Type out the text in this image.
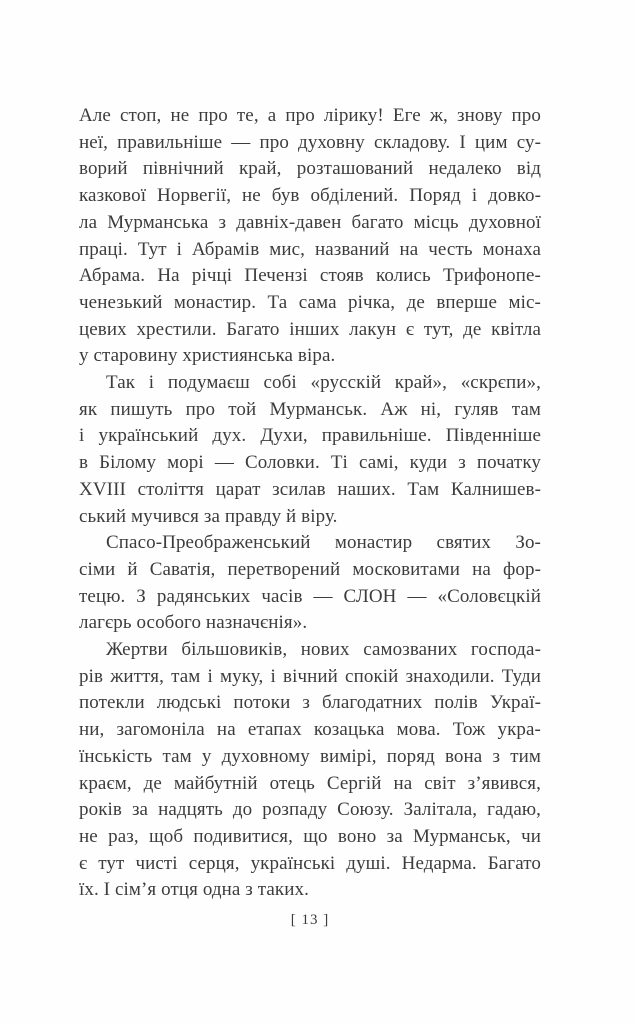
Але стоп, не про те, а про лірику! Еге ж, знову про
неї, правильніше — про духовну складову. І цим су-
ворий північний край, розташований недалеко від
казкової Норвегії, не був обділений. Поряд і довко-
ла Мурманська з давніх-давен багато місць духовної
праці. Тут і Абрамів мис, названий на честь монаха
Абрама. На річці Печензі стояв колись Трифонопе-
ченезький монастир. Та сама річка, де вперше міс-
цевих хрестили. Багато інших лакун є тут, де квітла
у старовину християнська віра.
Так і подумаєш собі «русскій край», «скрєпи»,
як пишуть про той Мурманськ. Аж ні, гуляв там
і український дух. Духи, правильніше. Південніше
в Білому морі — Соловки. Ті самі, куди з початку
XVIII століття царат зсилав наших. Там Калнишев-
ський мучився за правду й віру.
Спасо-Преображенський монастир святих Зо-
сіми й Саватія, перетворений московитами на фор-
тецю. З радянських часів — СЛОН — «Соловєцкій
лагєрь особого назначєнія».
Жертви більшовиків, нових самозваних господа-
рів життя, там і муку, і вічний спокій знаходили. Туди
потекли людські потоки з благодатних полів Украї-
ни, загомоніла на етапах козацька мова. Тож укра-
їнськість там у духовному вимірі, поряд вона з тим
краєм, де майбутній отець Сергій на світ з’явився,
років за надцять до розпаду Союзу. Залітала, гадаю,
не раз, щоб подивитися, що воно за Мурманськ, чи
є тут чисті серця, українські душі. Недарма. Багато
їх. І сім’я отця одна з таких.
[ 13 ]
